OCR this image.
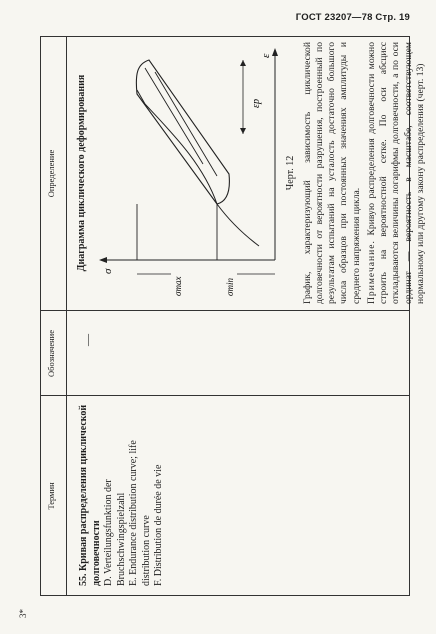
ГОСТ 23207—78 Стр. 19
3*
Термин
Обозначение
Определение

55. Кривая распределения циклической долговечности D. Verteilungsfunktion der Bruchschwingspielzahl E. Endurance distribution curve; life distribution curve F. Distribution de durée de vie

—
Диаграмма циклического деформирования σ
ε
σmax	σmin
εр
Черт. 12 График, характеризующий зависимость циклической долговечности от вероятности разрушения, построенный по результатам испытаний на усталость достаточно большого числа образцов при постоянных значениях амплитуды и среднего напряжения цикла. Примечание. Кривую распределения долговечности можно строить на вероятностной сетке. По оси абсцисс откладываются величины логарифмы долговечности, а по оси ординат — вероятность в масштабе, соответствующем нормальному или другому закону распределения (черт. 13)
